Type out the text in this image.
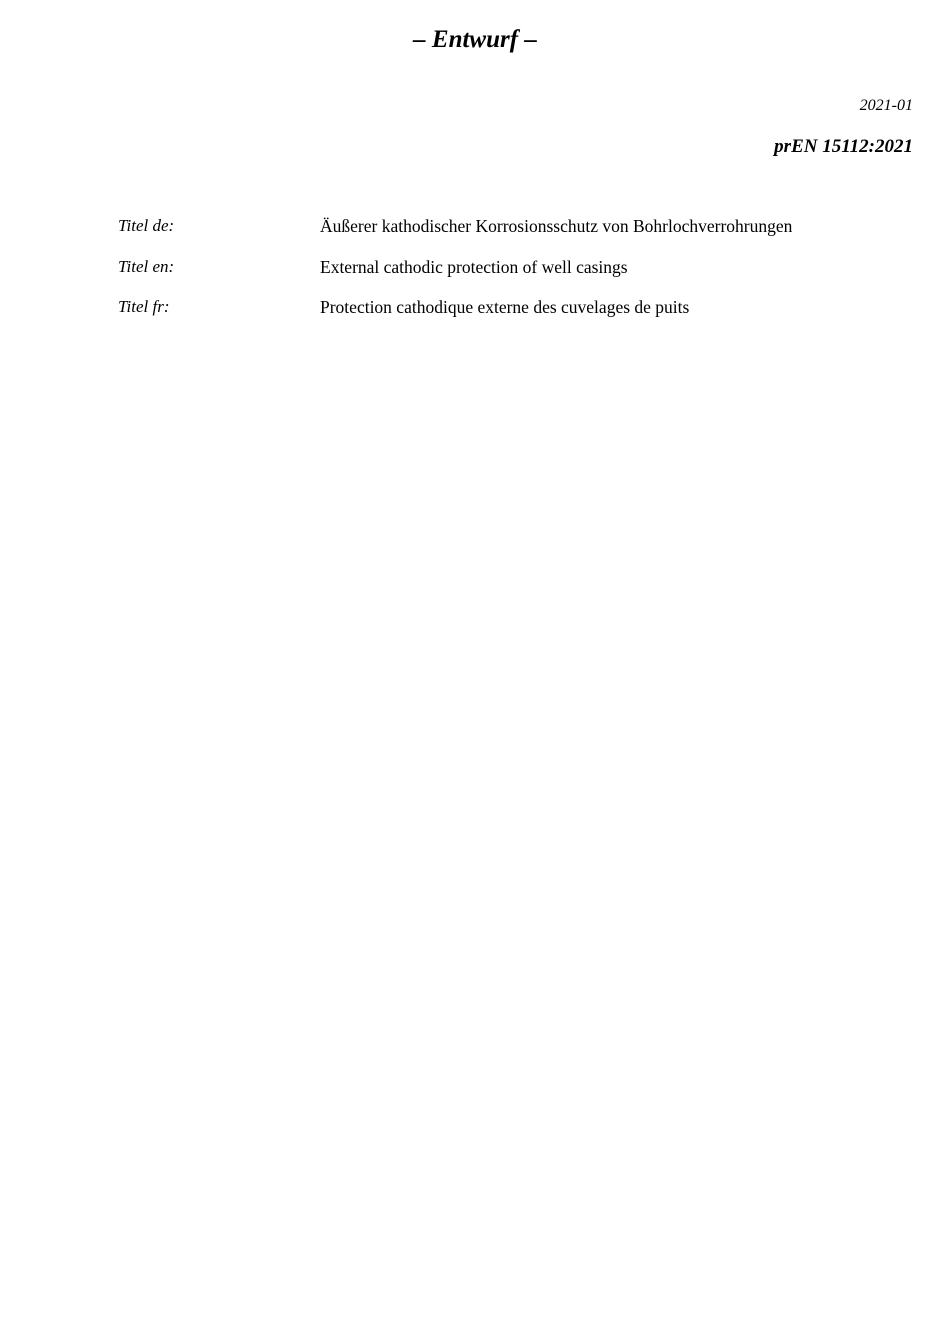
– Entwurf –
2021-01
prEN 15112:2021
Titel de:	Äußerer kathodischer Korrosionsschutz von Bohrlochverrohrungen
Titel en:	External cathodic protection of well casings
Titel fr:	Protection cathodique externe des cuvelages de puits
